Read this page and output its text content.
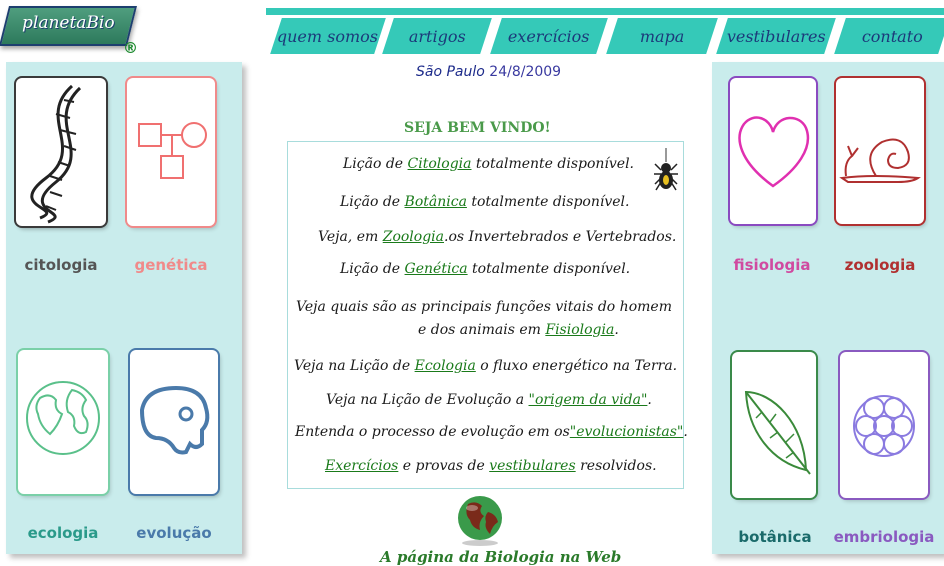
planetaBio
®
quem somos artigos	exercícios	mapa	vestibulares contato
citologia	genética
ecologia	evolução
fisiologia	zoologia
botânica	embriologia
São Paulo 24/8/2009
SEJA BEM VINDO!
Lição de Citologia totalmente disponível.
Lição de Botânica totalmente disponível.
Veja, em Zoologia.os Invertebrados e Vertebrados.
Lição de Genética totalmente disponível.
Veja quais são as principais funções vitais do homem
e dos animais em Fisiologia.
Veja na Lição de Ecologia o fluxo energético na Terra.
Veja na Lição de Evolução a "origem da vida".
Entenda o processo de evolução em os"evolucionistas".
Exercícios e provas de vestibulares resolvidos.
A página da Biologia na Web
